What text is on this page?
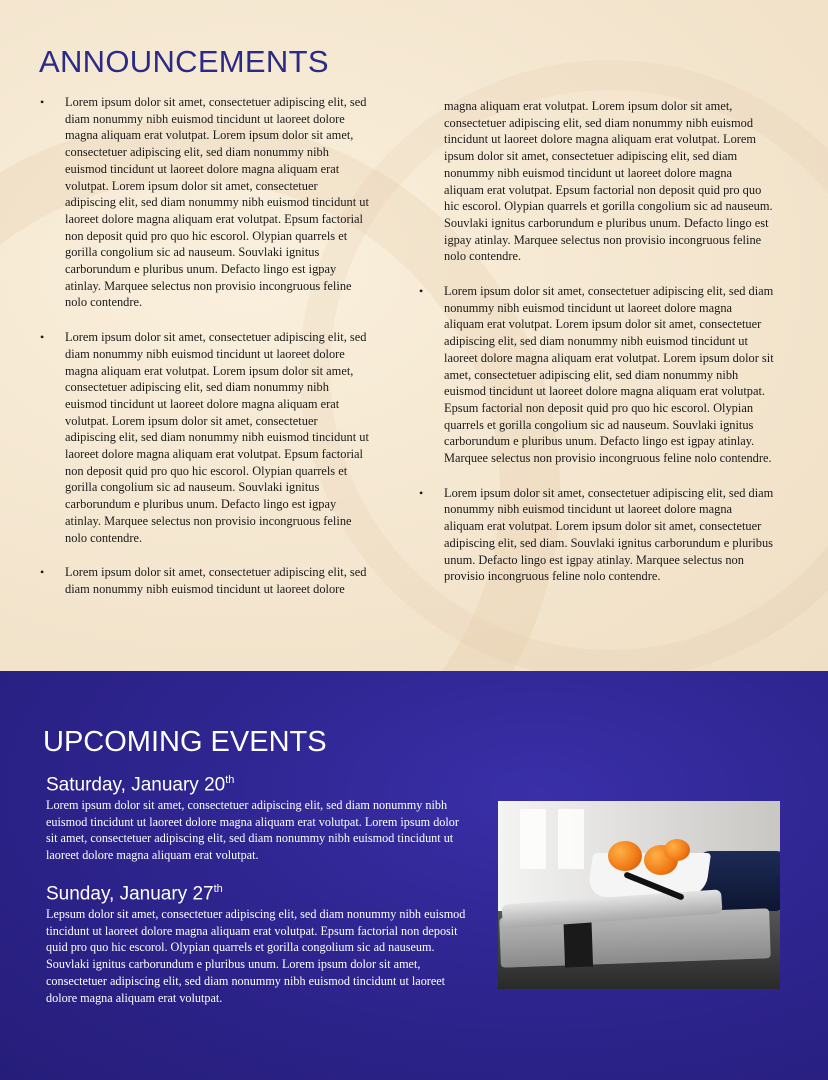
ANNOUNCEMENTS
•	Lorem ipsum dolor sit amet, consectetuer adipiscing elit, sed diam nonummy nibh euismod tincidunt ut laoreet dolore magna aliquam erat volutpat. Lorem ipsum dolor sit amet, consectetuer adipiscing elit, sed diam nonummy nibh euismod tincidunt ut laoreet dolore magna aliquam erat volutpat. Lorem ipsum dolor sit amet, consectetuer adipiscing elit, sed diam nonummy nibh euismod tincidunt ut laoreet dolore magna aliquam erat volutpat. Epsum factorial non deposit quid pro quo hic escorol. Olypian quarrels et gorilla congolium sic ad nauseum. Souvlaki ignitus carborundum e pluribus unum. Defacto lingo est igpay atinlay. Marquee selectus non provisio incongruous feline nolo contendre.
•	Lorem ipsum dolor sit amet, consectetuer adipiscing elit, sed diam nonummy nibh euismod tincidunt ut laoreet dolore magna aliquam erat volutpat. Lorem ipsum dolor sit amet, consectetuer adipiscing elit, sed diam nonummy nibh euismod tincidunt ut laoreet dolore magna aliquam erat volutpat. Lorem ipsum dolor sit amet, consectetuer adipiscing elit, sed diam nonummy nibh euismod tincidunt ut laoreet dolore magna aliquam erat volutpat. Epsum factorial non deposit quid pro quo hic escorol. Olypian quarrels et gorilla congolium sic ad nauseum. Souvlaki ignitus carborundum e pluribus unum. Defacto lingo est igpay atinlay. Marquee selectus non provisio incongruous feline nolo contendre.
•	Lorem ipsum dolor sit amet, consectetuer adipiscing elit, sed diam nonummy nibh euismod tincidunt ut laoreet dolore
magna aliquam erat volutpat. Lorem ipsum dolor sit amet, consectetuer adipiscing elit, sed diam nonummy nibh euismod tincidunt ut laoreet dolore magna aliquam erat volutpat. Lorem ipsum dolor sit amet, consectetuer adipiscing elit, sed diam nonummy nibh euismod tincidunt ut laoreet dolore magna aliquam erat volutpat. Epsum factorial non deposit quid pro quo hic escorol. Olypian quarrels et gorilla congolium sic ad nauseum. Souvlaki ignitus carborundum e pluribus unum. Defacto lingo est igpay atinlay. Marquee selectus non provisio incongruous feline nolo contendre.
•	Lorem ipsum dolor sit amet, consectetuer adipiscing elit, sed diam nonummy nibh euismod tincidunt ut laoreet dolore magna aliquam erat volutpat. Lorem ipsum dolor sit amet, consectetuer adipiscing elit, sed diam nonummy nibh euismod tincidunt ut laoreet dolore magna aliquam erat volutpat. Lorem ipsum dolor sit amet, consectetuer adipiscing elit, sed diam nonummy nibh euismod tincidunt ut laoreet dolore magna aliquam erat volutpat. Epsum factorial non deposit quid pro quo hic escorol. Olypian quarrels et gorilla congolium sic ad nauseum. Souvlaki ignitus carborundum e pluribus unum. Defacto lingo est igpay atinlay. Marquee selectus non provisio incongruous feline nolo contendre.
•	Lorem ipsum dolor sit amet, consectetuer adipiscing elit, sed diam nonummy nibh euismod tincidunt ut laoreet dolore magna aliquam erat volutpat. Lorem ipsum dolor sit amet, consectetuer adipiscing elit, sed diam. Souvlaki ignitus carborundum e pluribus unum. Defacto lingo est igpay atinlay. Marquee selectus non provisio incongruous feline nolo contendre.
UPCOMING EVENTS
Saturday, January 20th

Lorem ipsum dolor sit amet, consectetuer adipiscing elit, sed diam nonummy nibh euismod tincidunt ut laoreet dolore magna aliquam erat volutpat. Lorem ipsum dolor sit amet, consectetuer adipiscing elit, sed diam nonummy nibh euismod tincidunt ut laoreet dolore magna aliquam erat volutpat.

Sunday, January 27th

Lepsum dolor sit amet, consectetuer adipiscing elit, sed diam nonummy nibh euismod tincidunt ut laoreet dolore magna aliquam erat volutpat. Epsum factorial non deposit quid pro quo hic escorol. Olypian quarrels et gorilla congolium sic ad nauseum. Souvlaki ignitus carborundum e pluribus unum. Lorem ipsum dolor sit amet, consectetuer adipiscing elit, sed diam nonummy nibh euismod tincidunt ut laoreet dolore magna aliquam erat volutpat.
